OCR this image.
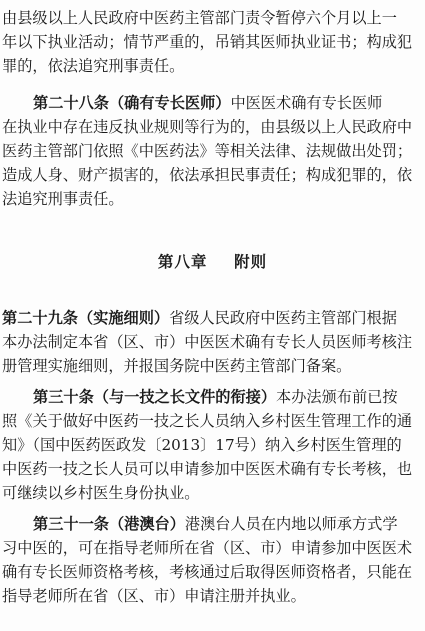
由县级以上人民政府中医药主管部门责令暂停六个月以上一
年以下执业活动；情节严重的，吊销其医师执业证书；构成犯
罪的，依法追究刑事责任。
第二十八条（确有专长医师）中医医术确有专长医师
在执业中存在违反执业规则等行为的，由县级以上人民政府中
医药主管部门依照《中医药法》等相关法律、法规做出处罚；
造成人身、财产损害的，依法承担民事责任；构成犯罪的，依
法追究刑事责任。
第八章 附则
第二十九条（实施细则）省级人民政府中医药主管部门根据
本办法制定本省（区、市）中医医术确有专长人员医师考核注
册管理实施细则，并报国务院中医药主管部门备案。
第三十条（与一技之长文件的衔接）本办法颁布前已按
照《关于做好中医药一技之长人员纳入乡村医生管理工作的通
知》（国中医药医政发〔2013〕17号）纳入乡村医生管理的
中医药一技之长人员可以申请参加中医医术确有专长考核，也
可继续以乡村医生身份执业。
第三十一条（港澳台）港澳台人员在内地以师承方式学
习中医的，可在指导老师所在省（区、市）申请参加中医医术
确有专长医师资格考核，考核通过后取得医师资格者，只能在
指导老师所在省（区、市）申请注册并执业。
